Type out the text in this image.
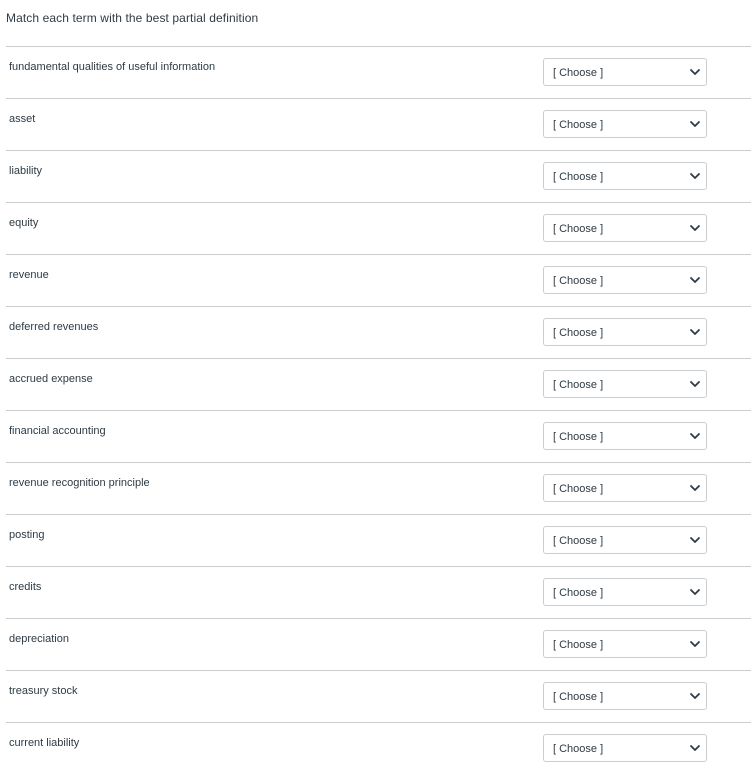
Match each term with the best partial definition
fundamental qualities of useful information	[ Choose ]
asset	[ Choose ]
liability	[ Choose ]
equity	[ Choose ]
revenue	[ Choose ]
deferred revenues	[ Choose ]
accrued expense	[ Choose ]
financial accounting	[ Choose ]
revenue recognition principle	[ Choose ]
posting	[ Choose ]
credits	[ Choose ]
depreciation	[ Choose ]
treasury stock	[ Choose ]
current liability	[ Choose ]
